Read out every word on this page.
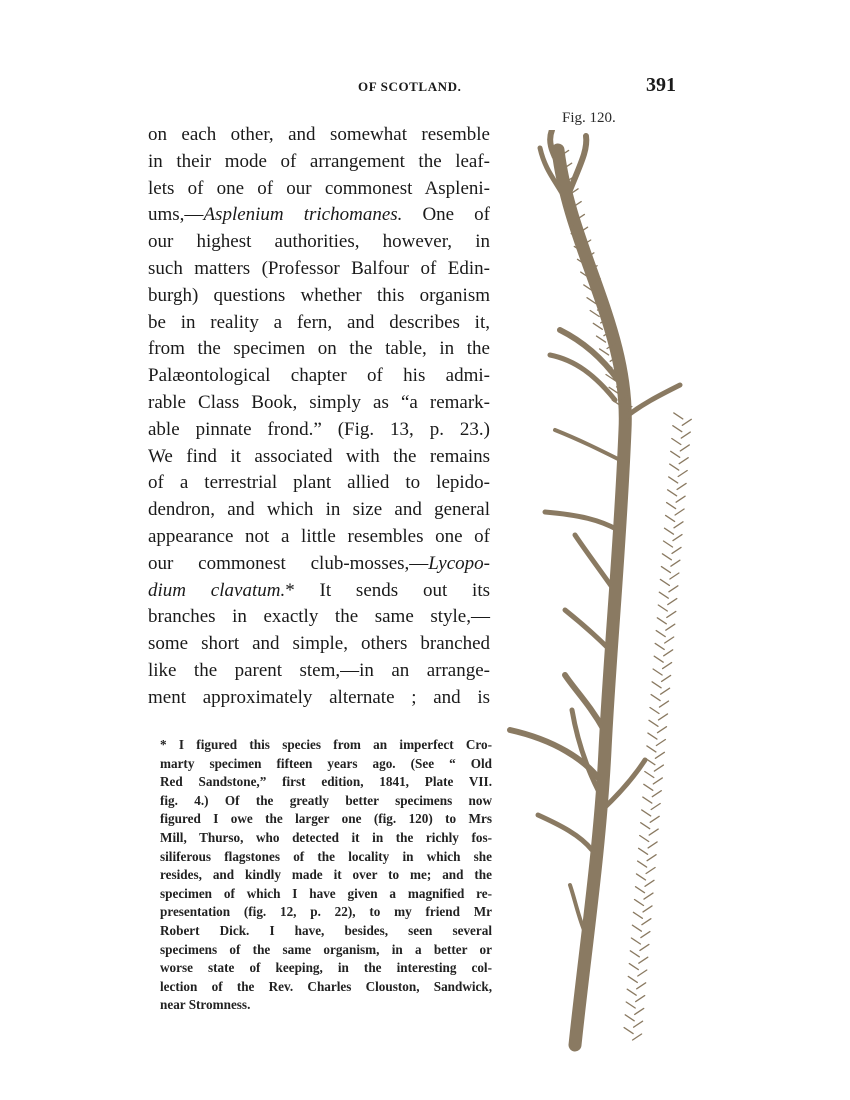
OF SCOTLAND.	391
Fig. 120.
on each other, and somewhat resemble
in their mode of arrangement the leaf-
lets of one of our commonest Aspleni-
ums,—Asplenium trichomanes. One of
our highest authorities, however, in
such matters (Professor Balfour of Edin-
burgh) questions whether this organism
be in reality a fern, and describes it,
from the specimen on the table, in the
Palæontological chapter of his admi-
rable Class Book, simply as “a remark-
able pinnate frond.” (Fig. 13, p. 23.)
We find it associated with the remains
of a terrestrial plant allied to lepido-
dendron, and which in size and general
appearance not a little resembles one of
our commonest club-mosses,—Lycopo-
dium clavatum.* It sends out its
branches in exactly the same style,—
some short and simple, others branched
like the parent stem,—in an arrange-
ment approximately alternate ; and is
* I figured this species from an imperfect Cro-
marty specimen fifteen years ago. (See “ Old
Red Sandstone,” first edition, 1841, Plate VII.
fig. 4.) Of the greatly better specimens now
figured I owe the larger one (fig. 120) to Mrs
Mill, Thurso, who detected it in the richly fos-
siliferous flagstones of the locality in which she
resides, and kindly made it over to me; and the
specimen of which I have given a magnified re-
presentation (fig. 12, p. 22), to my friend Mr
Robert Dick. I have, besides, seen several
specimens of the same organism, in a better or
worse state of keeping, in the interesting col-
lection of the Rev. Charles Clouston, Sandwick,
near Stromness.
